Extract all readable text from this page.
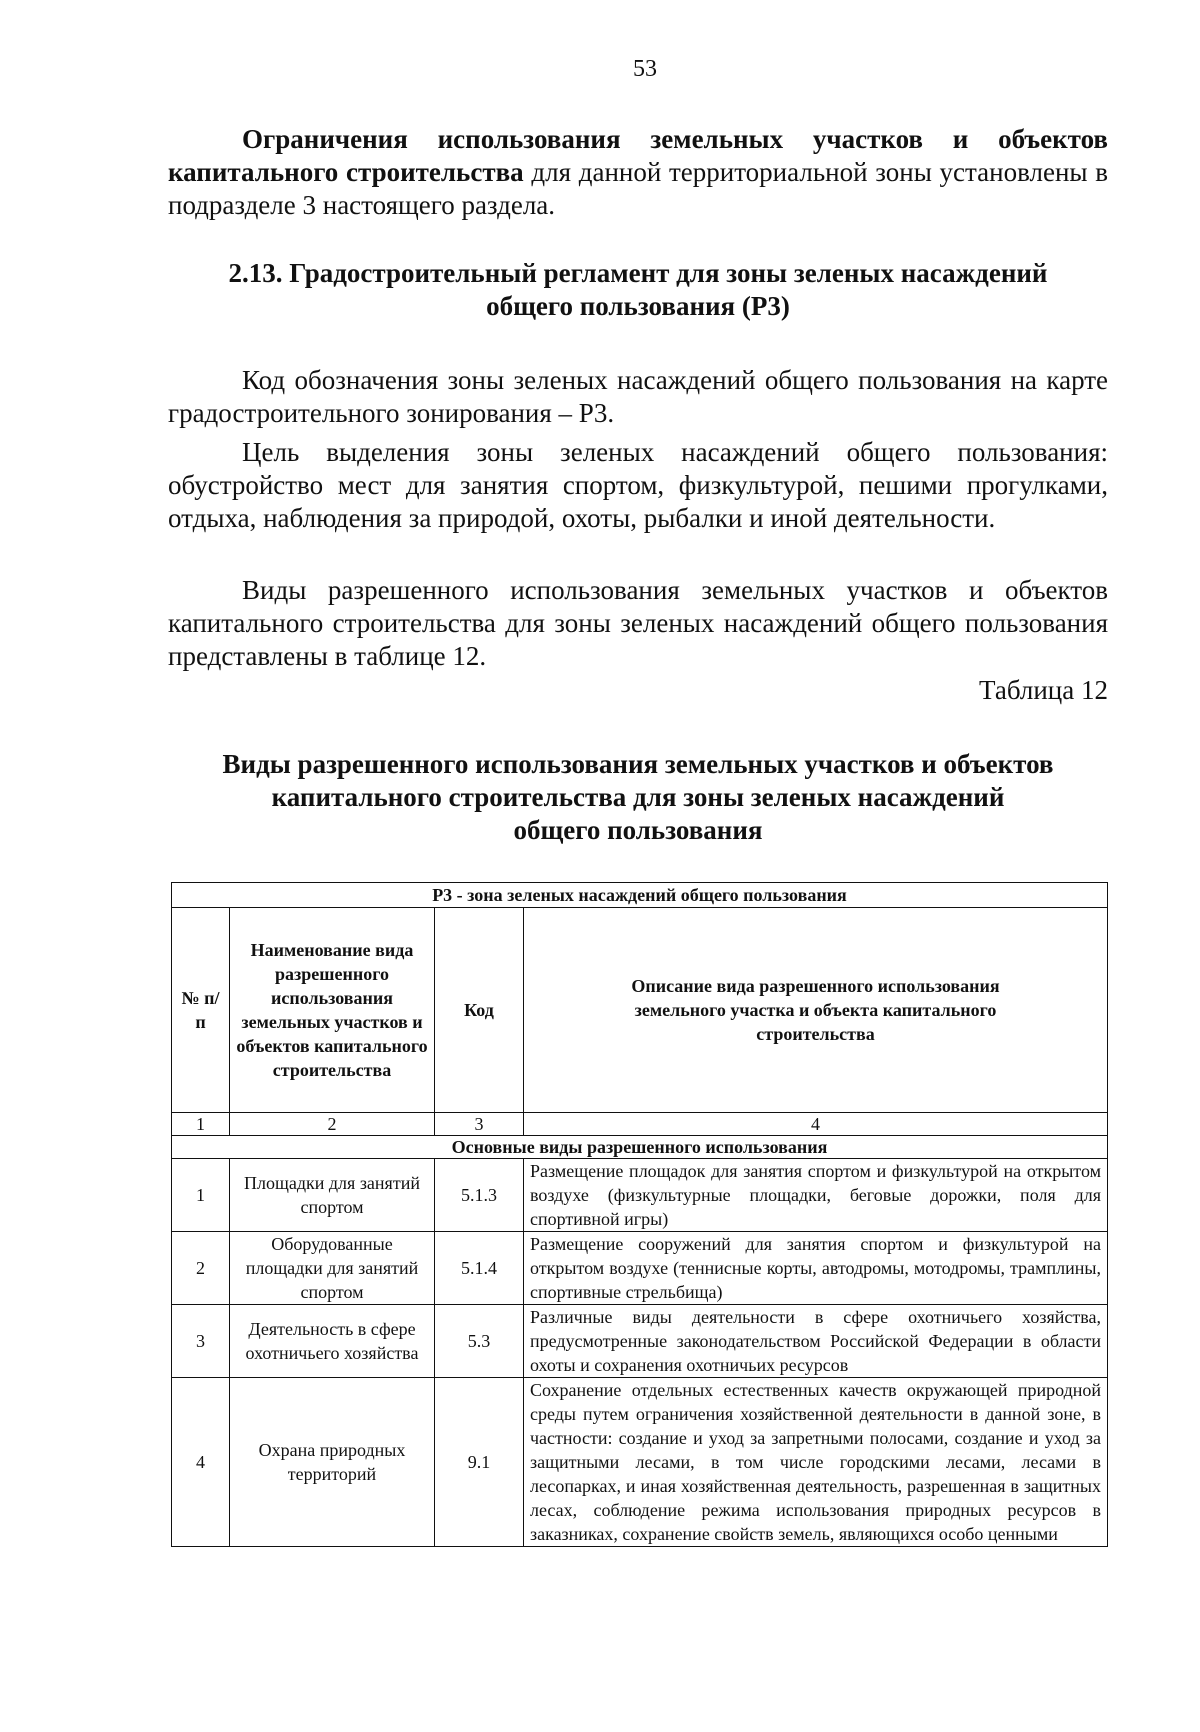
53
Ограничения использования земельных участков и объектов капитального строительства для данной территориальной зоны установлены в подразделе 3 настоящего раздела.
2.13. Градостроительный регламент для зоны зеленых насаждений
общего пользования (Р3)
Код обозначения зоны зеленых насаждений общего пользования на карте градостроительного зонирования – Р3.
Цель выделения зоны зеленых насаждений общего пользования: обустройство мест для занятия спортом, физкультурой, пешими прогулками, отдыха, наблюдения за природой, охоты, рыбалки и иной деятельности.
Виды разрешенного использования земельных участков и объектов капитального строительства для зоны зеленых насаждений общего пользования представлены в таблице 12.
Таблица 12
Виды разрешенного использования земельных участков и объектов
капитального строительства для зоны зеленых насаждений
общего пользования
Р3 - зона зеленых насаждений общего пользования			
№ п/п	Наименование вида разрешенного использования земельных участков и объектов капитального строительства	Код	Описание вида разрешенного использования земельного участка и объекта капитального строительства
1	2	3	4
Основные виды разрешенного использования			
1	Площадки для занятий спортом	5.1.3	Размещение площадок для занятия спортом и физкультурой на открытом воздухе (физкультурные площадки, беговые дорожки, поля для спортивной игры)
2	Оборудованные площадки для занятий спортом	5.1.4	Размещение сооружений для занятия спортом и физкультурой на открытом воздухе (теннисные корты, автодромы, мотодромы, трамплины, спортивные стрельбища)
3	Деятельность в сфере охотничьего хозяйства	5.3	Различные виды деятельности в сфере охотничьего хозяйства, предусмотренные законодательством Российской Федерации в области охоты и сохранения охотничьих ресурсов
4	Охрана природных территорий	9.1	Сохранение отдельных естественных качеств окружающей природной среды путем ограничения хозяйственной деятельности в данной зоне, в частности: создание и уход за запретными полосами, создание и уход за защитными лесами, в том числе городскими лесами, лесами в лесопарках, и иная хозяйственная деятельность, разрешенная в защитных лесах, соблюдение режима использования природных ресурсов в заказниках, сохранение свойств земель, являющихся особо ценными
